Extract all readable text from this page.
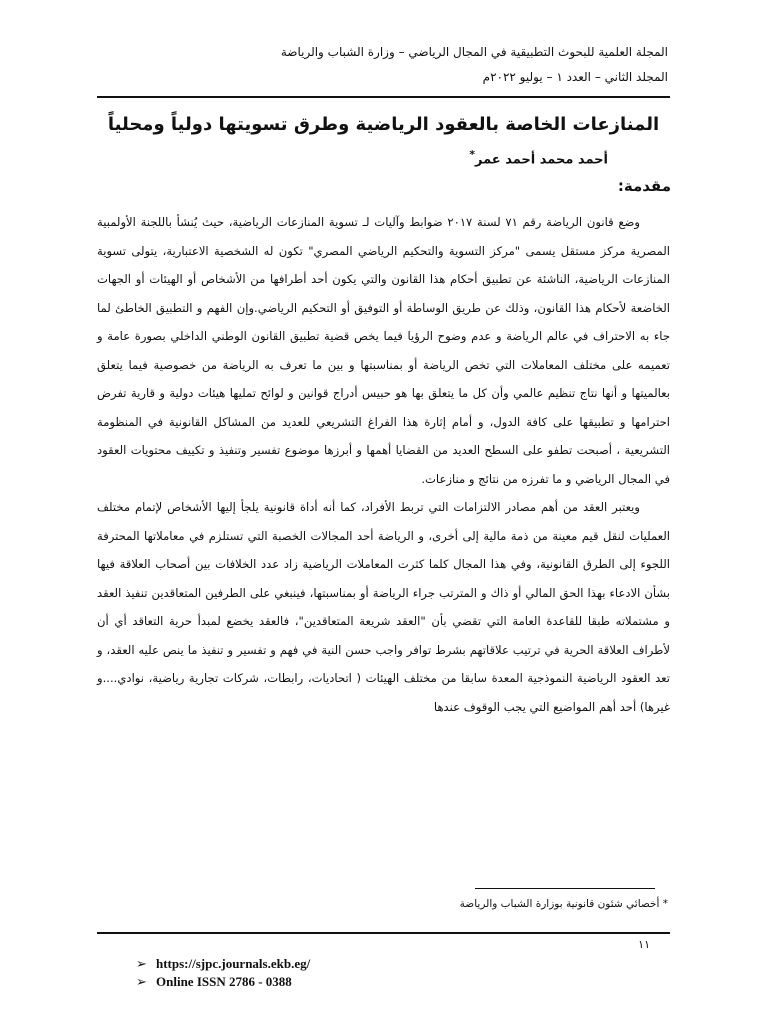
المجلة العلمية للبحوث التطبيقية في المجال الرياضي – وزارة الشباب والرياضة
المجلد الثاني – العدد ١ – يوليو ٢٠٢٢م
المنازعات الخاصة بالعقود الرياضية وطرق تسويتها دولياً ومحلياً
أحمد محمد أحمد عمر*
مقدمة:

وضع قانون الرياضة رقم ٧١ لسنة ٢٠١٧ ضوابط وآليات لـ تسوية المنازعات الرياضية، حيث يُنشأ باللجنة الأولمبية المصرية مركز مستقل يسمى "مركز التسوية والتحكيم الرياضي المصري" تكون له الشخصية الاعتبارية، يتولى تسوية المنازعات الرياضية، الناشئة عن تطبيق أحكام هذا القانون والتي يكون أحد أطرافها من الأشخاص أو الهيئات أو الجهات الخاضعة لأحكام هذا القانون، وذلك عن طريق الوساطة أو التوفيق أو التحكيم الرياضي.وإن الفهم و التطبيق الخاطئ لما جاء به الاحتراف في عالم الرياضة و عدم وضوح الرؤيا فيما يخص قضية تطبيق القانون الوطني الداخلي بصورة عامة و تعميمه على مختلف المعاملات التي تخص الرياضة أو بمناسبتها و بين ما تعرف به الرياضة من خصوصية فيما يتعلق بعالميتها و أنها نتاج تنظيم عالمي وأن كل ما يتعلق بها هو حبيس أدراج قوانين و لوائح تمليها هيئات دولية و قارية تفرض احترامها و تطبيقها على كافة الدول، و أمام إثارة هذا الفراغ التشريعي للعديد من المشاكل القانونية في المنظومة التشريعية ، أصبحت تطفو على السطح العديد من القضايا أهمها و أبرزها موضوع تفسير وتنفيذ و تكييف محتويات العقود في المجال الرياضي و ما تفرزه من نتائج و منازعات.

ويعتبر العقد من أهم مصادر الالتزامات التي تربط الأفراد، كما أنه أداة قانونية يلجأ إليها الأشخاص لإتمام مختلف العمليات لنقل قيم معينة من ذمة مالية إلى أخرى، و الرياضة أحد المجالات الخصبة التي تستلزم في معاملاتها المحترفة اللجوء إلى الطرق القانونية، وفي هذا المجال كلما كثرت المعاملات الرياضية زاد عدد الخلافات بين أصحاب العلاقة فيها بشأن الادعاء بهذا الحق المالي أو ذاك و المترتب جراء الرياضة أو بمناسبتها، فينبغي على الطرفين المتعاقدين تنفيذ العقد و مشتملاته طبقا للقاعدة العامة التي تقضي بأن "العقد شريعة المتعاقدين"، فالعقد يخضع لمبدأ حرية التعاقد أي أن لأطراف العلاقة الحرية في ترتيب علاقاتهم بشرط توافر واجب حسن النية في فهم و تفسير و تنفيذ ما ينص عليه العقد، و تعد العقود الرياضية النموذجية المعدة سابقا من مختلف الهيئات ( اتحاديات، رابطات، شركات تجارية رياضية، نوادي....و غيرها) أحد أهم المواضيع التي يجب الوقوف عندها

* أخصائي شئون قانونية بوزارة الشباب والرياضة
١١
➢ https://sjpc.journals.ekb.eg/
➢ Online ISSN 2786 - 0388
